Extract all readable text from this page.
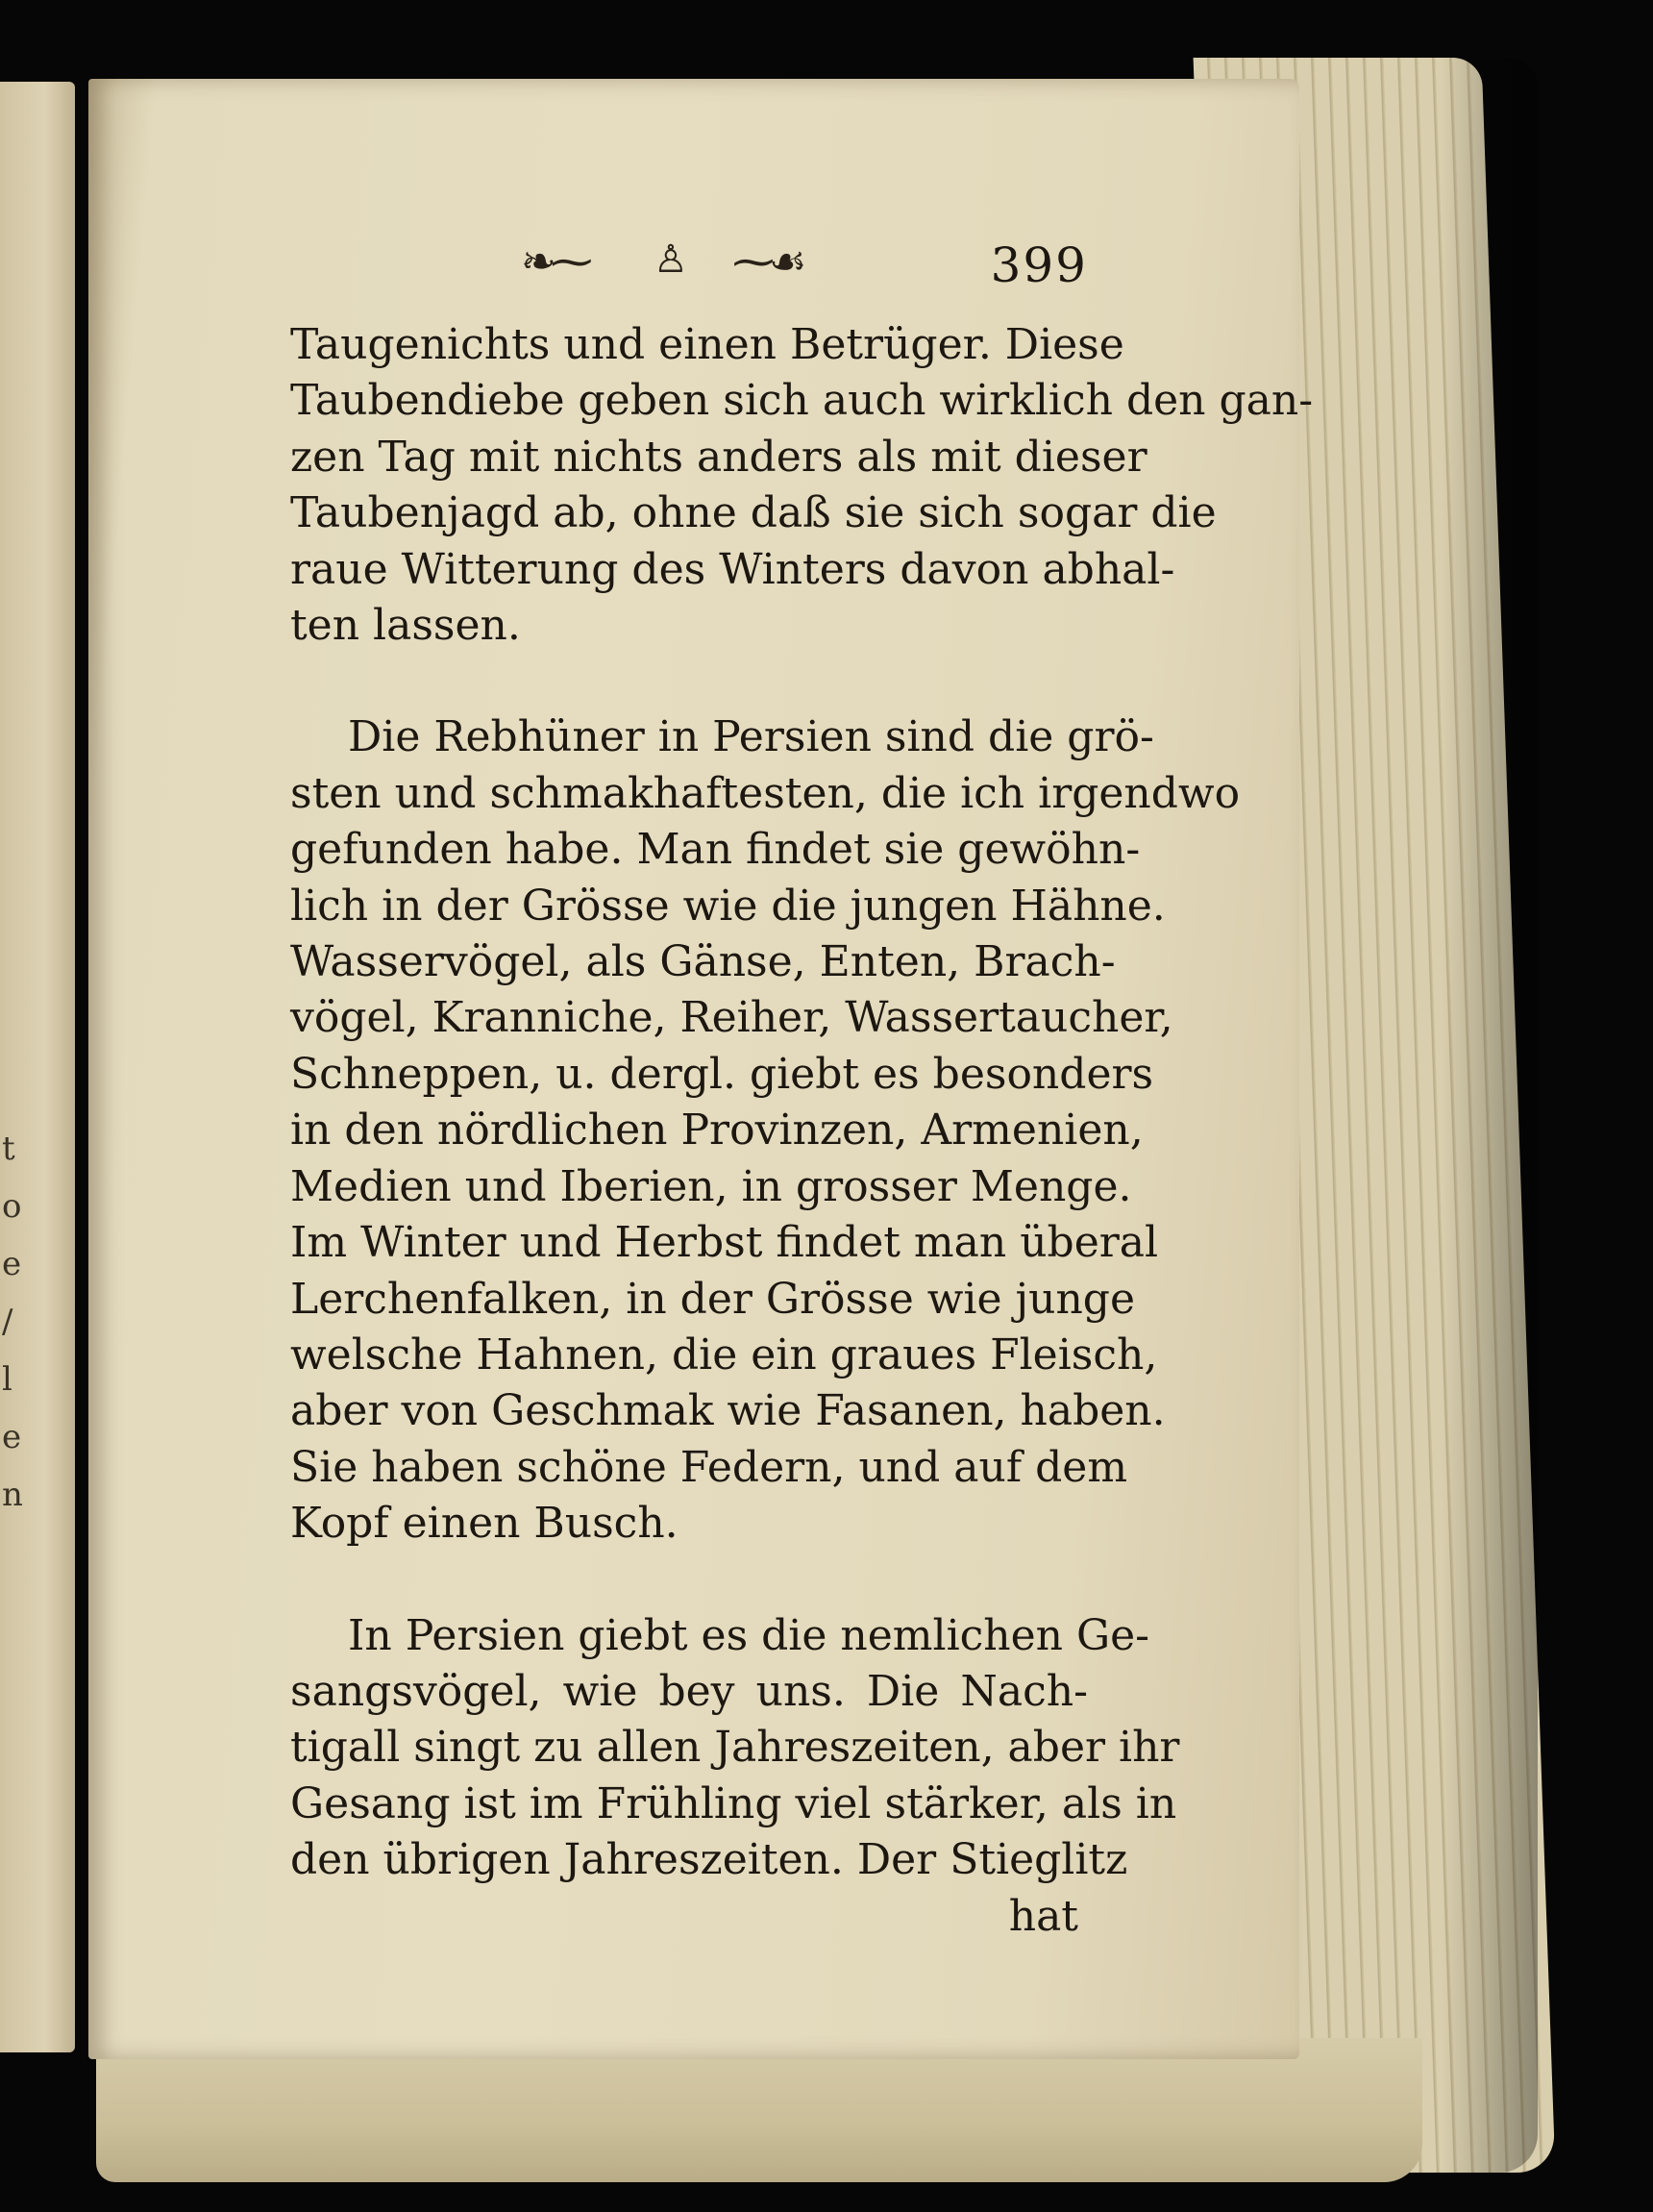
t
o
e
/
l
e
n
❧⁓ ♙ ⁓☙	399
Taugenichts und einen Betrüger. Diese
Taubendiebe geben sich auch wirklich den gan-
zen Tag mit nichts anders als mit dieser
Taubenjagd ab, ohne daß sie sich sogar die
raue Witterung des Winters davon abhal-
ten lassen.
Die Rebhüner in Persien sind die grö-
sten und schmakhaftesten, die ich irgendwo
gefunden habe. Man findet sie gewöhn-
lich in der Grösse wie die jungen Hähne.
Wasservögel, als Gänse, Enten, Brach-
vögel, Kranniche, Reiher, Wassertaucher,
Schneppen, u. dergl. giebt es besonders
in den nördlichen Provinzen, Armenien,
Medien und Iberien, in grosser Menge.
Im Winter und Herbst findet man überal
Lerchenfalken, in der Grösse wie junge
welsche Hahnen, die ein graues Fleisch,
aber von Geschmak wie Fasanen, haben.
Sie haben schöne Federn, und auf dem
Kopf einen Busch.
In Persien giebt es die nemlichen Ge-
sangsvögel, wie bey uns. Die Nach-
tigall singt zu allen Jahreszeiten, aber ihr
Gesang ist im Frühling viel stärker, als in
den übrigen Jahreszeiten. Der Stieglitz
hat
